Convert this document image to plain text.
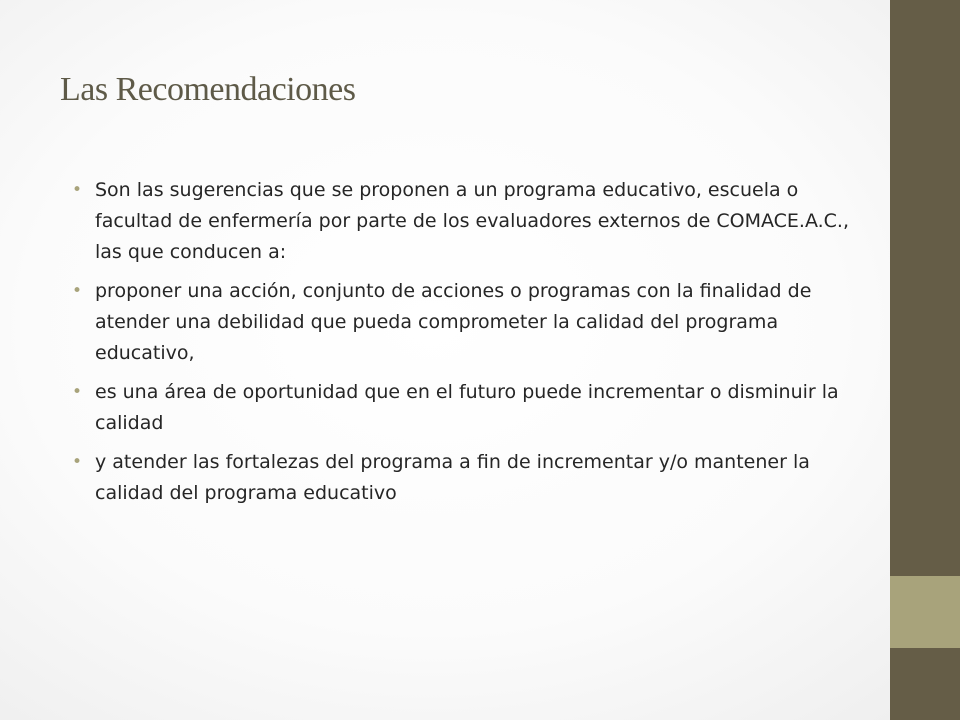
Las Recomendaciones
• Son las sugerencias que se proponen a un programa educativo, escuela o facultad de enfermería por parte de los evaluadores externos de COMACE.A.C., las que conducen a:
• proponer una acción, conjunto de acciones o programas con la finalidad de atender una debilidad que pueda comprometer la calidad del programa educativo,
• es una área de oportunidad que en el futuro puede incrementar o disminuir la calidad
• y atender las fortalezas del programa a fin de incrementar y/o mantener la calidad del programa educativo
